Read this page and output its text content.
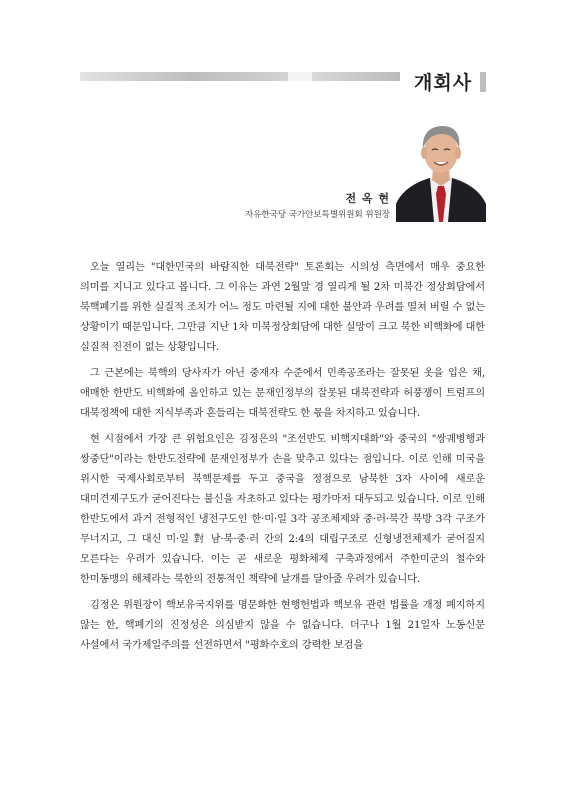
개회사
전 옥 현
자유한국당 국가안보특별위원회 위원장

오늘 열리는 "대한민국의 바람직한 대북전략" 토론회는 시의성 측면에서 매우 중요한 의미를 지니고 있다고 봅니다. 그 이유는 과연 2월말 경 열리게 될 2차 미북간 정상회담에서 북핵폐기를 위한 실질적 조치가 어느 정도 마련될 지에 대한 불안과 우려를 떨쳐 버릴 수 없는 상황이기 때문입니다. 그만큼 지난 1차 미북정상회담에 대한 실망이 크고 북한 비핵화에 대한 실질적 진전이 없는 상황입니다.

그 근본에는 북핵의 당사자가 아닌 중재자 수준에서 민족공조라는 잘못된 옷을 입은 채, 애매한 한반도 비핵화에 올인하고 있는 문재인정부의 잘못된 대북전략과 허풍쟁이 트럼프의 대북정책에 대한 지식부족과 흔들리는 대북전략도 한 몫을 차지하고 있습니다.

현 시점에서 가장 큰 위험요인은 김정은의 "조선반도 비핵지대화"와 중국의 "쌍궤병행과 쌍중단"이라는 한반도전략에 문재인정부가 손을 맞추고 있다는 점입니다. 이로 인해 미국을 위시한 국제사회로부터 북핵문제를 두고 중국을 정점으로 남북한 3자 사이에 새로운 대미견제구도가 굳어진다는 불신을 자초하고 있다는 평가마저 대두되고 있습니다. 이로 인해 한반도에서 과거 전형적인 냉전구도인 한·미·일 3각 공조체제와 중·러·북간 북방 3각 구조가 무너지고, 그 대신 미·일 對 남·북·중·러 간의 2:4의 대립구조로 신형냉전체제가 굳어질지 모른다는 우려가 있습니다. 이는 곧 새로운 평화체제 구축과정에서 주한미군의 철수와 한미동맹의 해체라는 북한의 전통적인 책략에 날개를 달아줄 우려가 있습니다.

김정은 위원장이 핵보유국지위를 명문화한 현행헌법과 핵보유 관련 법률을 개정 폐지하지 않는 한, 핵폐기의 진정성은 의심받지 않을 수 없습니다. 더구나 1월 21일자 노동신문 사설에서 국가제일주의를 선전하면서 "평화수호의 강력한 보검을
